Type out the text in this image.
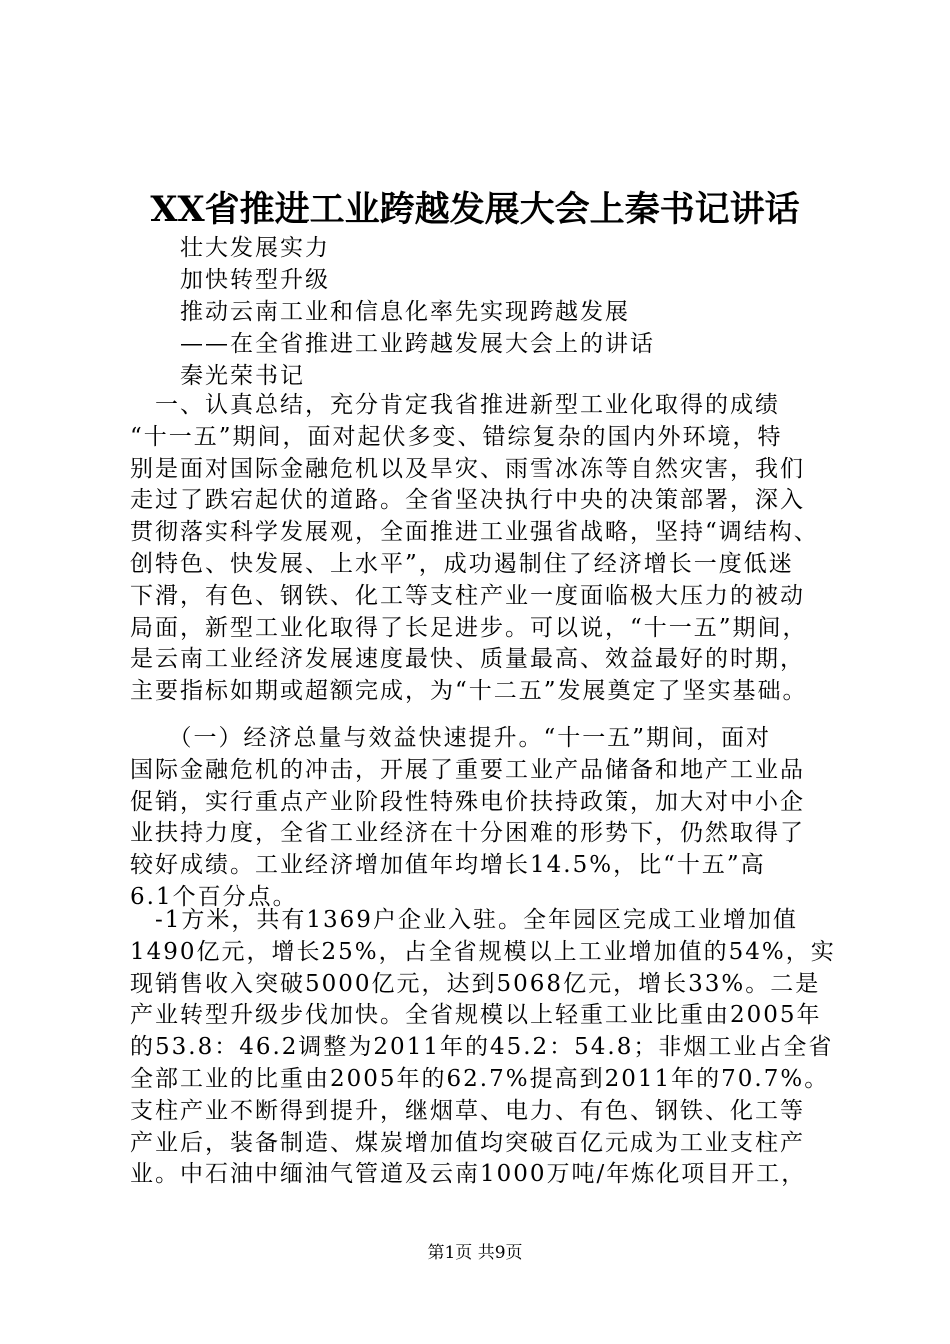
XX省推进工业跨越发展大会上秦书记讲话
壮大发展实力
加快转型升级
推动云南工业和信息化率先实现跨越发展
——在全省推进工业跨越发展大会上的讲话
秦光荣书记
　一、认真总结，充分肯定我省推进新型工业化取得的成绩
“十一五”期间，面对起伏多变、错综复杂的国内外环境，特
别是面对国际金融危机以及旱灾、雨雪冰冻等自然灾害，我们
走过了跌宕起伏的道路。全省坚决执行中央的决策部署，深入
贯彻落实科学发展观，全面推进工业强省战略，坚持“调结构、
创特色、快发展、上水平”，成功遏制住了经济增长一度低迷
下滑，有色、钢铁、化工等支柱产业一度面临极大压力的被动
局面，新型工业化取得了长足进步。可以说，“十一五”期间，
是云南工业经济发展速度最快、质量最高、效益最好的时期，
主要指标如期或超额完成，为“十二五”发展奠定了坚实基础。
　　（一）经济总量与效益快速提升。“十一五”期间，面对
国际金融危机的冲击，开展了重要工业产品储备和地产工业品
促销，实行重点产业阶段性特殊电价扶持政策，加大对中小企
业扶持力度，全省工业经济在十分困难的形势下，仍然取得了
较好成绩。工业经济增加值年均增长14.5%，比“十五”高
6.1个百分点。
　-1方米，共有1369户企业入驻。全年园区完成工业增加值
1490亿元，增长25%，占全省规模以上工业增加值的54%，实
现销售收入突破5000亿元，达到5068亿元，增长33%。二是
产业转型升级步伐加快。全省规模以上轻重工业比重由2005年
的53.8：46.2调整为2011年的45.2：54.8；非烟工业占全省
全部工业的比重由2005年的62.7%提高到2011年的70.7%。
支柱产业不断得到提升，继烟草、电力、有色、钢铁、化工等
产业后，装备制造、煤炭增加值均突破百亿元成为工业支柱产
业。中石油中缅油气管道及云南1000万吨/年炼化项目开工，
第1页 共9页
